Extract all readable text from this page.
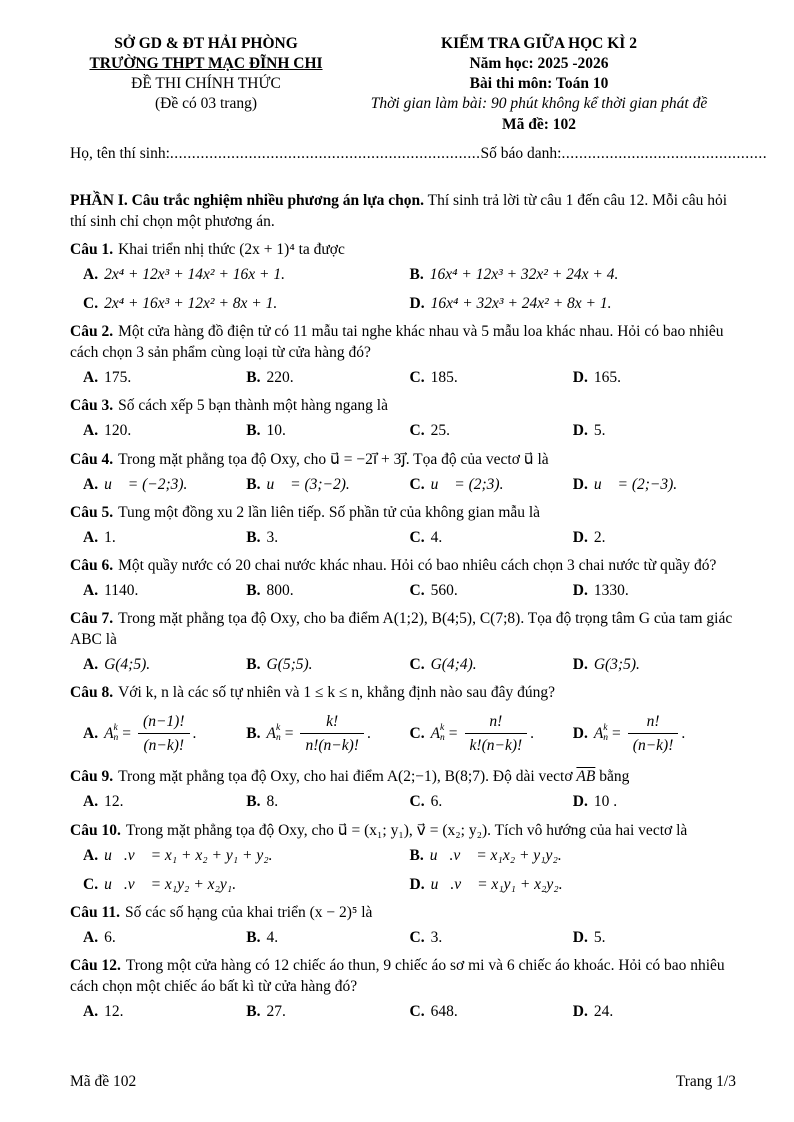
SỞ GD & ĐT HẢI PHÒNG

TRƯỜNG THPT MẠC ĐĨNH CHI

ĐỀ THI CHÍNH THỨC

(Đề có 03 trang)

KIỂM TRA GIỮA HỌC KÌ 2

Năm học: 2025 -2026

Bài thi môn: Toán 10

Thời gian làm bài: 90 phút không kể thời gian phát đề

Mã đề: 102

Họ, tên thí sinh: ....................................................................... Số báo danh: ...............................................

PHẦN I. Câu trắc nghiệm nhiều phương án lựa chọn. Thí sinh trả lời từ câu 1 đến câu 12. Mỗi câu hỏi thí sinh chỉ chọn một phương án.

Câu 1. Khai triển nhị thức (2x + 1)⁴ ta được

A. 2x⁴ + 12x³ + 14x² + 16x + 1.	B. 16x⁴ + 12x³ + 32x² + 24x + 4.
C. 2x⁴ + 16x³ + 12x² + 8x + 1.	D. 16x⁴ + 32x³ + 24x² + 8x + 1.

Câu 2. Một cửa hàng đồ điện tử có 11 mẫu tai nghe khác nhau và 5 mẫu loa khác nhau. Hỏi có bao nhiêu cách chọn 3 sản phẩm cùng loại từ cửa hàng đó?

A. 175.	B. 220.	C. 185.	D. 165.

Câu 3. Số cách xếp 5 bạn thành một hàng ngang là

A. 120.	B. 10.	C. 25.	D. 5.

Câu 4. Trong mặt phẳng tọa độ Oxy, cho u⃗ = −2i⃗ + 3j⃗. Tọa độ của vectơ u⃗ là

A. u⃗ = (−2;3).	B. u⃗ = (3;−2).	C. u⃗ = (2;3).	D. u⃗ = (2;−3).

Câu 5. Tung một đồng xu 2 lần liên tiếp. Số phần tử của không gian mẫu là

A. 1.	B. 3.	C. 4.	D. 2.

Câu 6. Một quầy nước có 20 chai nước khác nhau. Hỏi có bao nhiêu cách chọn 3 chai nước từ quầy đó?

A. 1140.	B. 800.	C. 560.	D. 1330.

Câu 7. Trong mặt phẳng tọa độ Oxy, cho ba điểm A(1;2), B(4;5), C(7;8). Tọa độ trọng tâm G của tam giác ABC là

A. G(4;5).	B. G(5;5).	C. G(4;4).	D. G(3;5).

Câu 8. Với k, n là các số tự nhiên và 1 ≤ k ≤ n, khẳng định nào sau đây đúng?

A. A k
$n = \frac{(n-1)!}{(n-k)!}$ .	B. A k
$n = \frac{k!}{n!(n-k)!}$ . C. A k
$n = \frac{n!}{k!(n-k)!}$ . D. A k
$n = \frac{n!}{(n-k)!}$ .

Câu 9. Trong mặt phẳng tọa độ Oxy, cho hai điểm A(2;−1), B(8;7). Độ dài vectơ $\overline{AB}$ bằng

A. 12.	B. 8.	C. 6.	D. 10 .

Câu 10. Trong mặt phẳng tọa độ Oxy, cho u⃗ = (x₁; y₁), v⃗ = (x₂; y₂). Tích vô hướng của hai vectơ là

A. u⃗.v⃗ = x₁ + x₂ + y₁ + y₂.	B. u⃗.v⃗ = x₁x₂ + y₁y₂.
C. u⃗.v⃗ = x₁y₂ + x₂y₁.	D. u⃗.v⃗ = x₁y₁ + x₂y₂.

Câu 11. Số các số hạng của khai triển (x − 2)⁵ là

A. 6.	B. 4.	C. 3.	D. 5.

Câu 12. Trong một cửa hàng có 12 chiếc áo thun, 9 chiếc áo sơ mi và 6 chiếc áo khoác. Hỏi có bao nhiêu cách chọn một chiếc áo bất kì từ cửa hàng đó?

A. 12.	B. 27.	C. 648.	D. 24.
Mã đề 102	Trang 1/3
